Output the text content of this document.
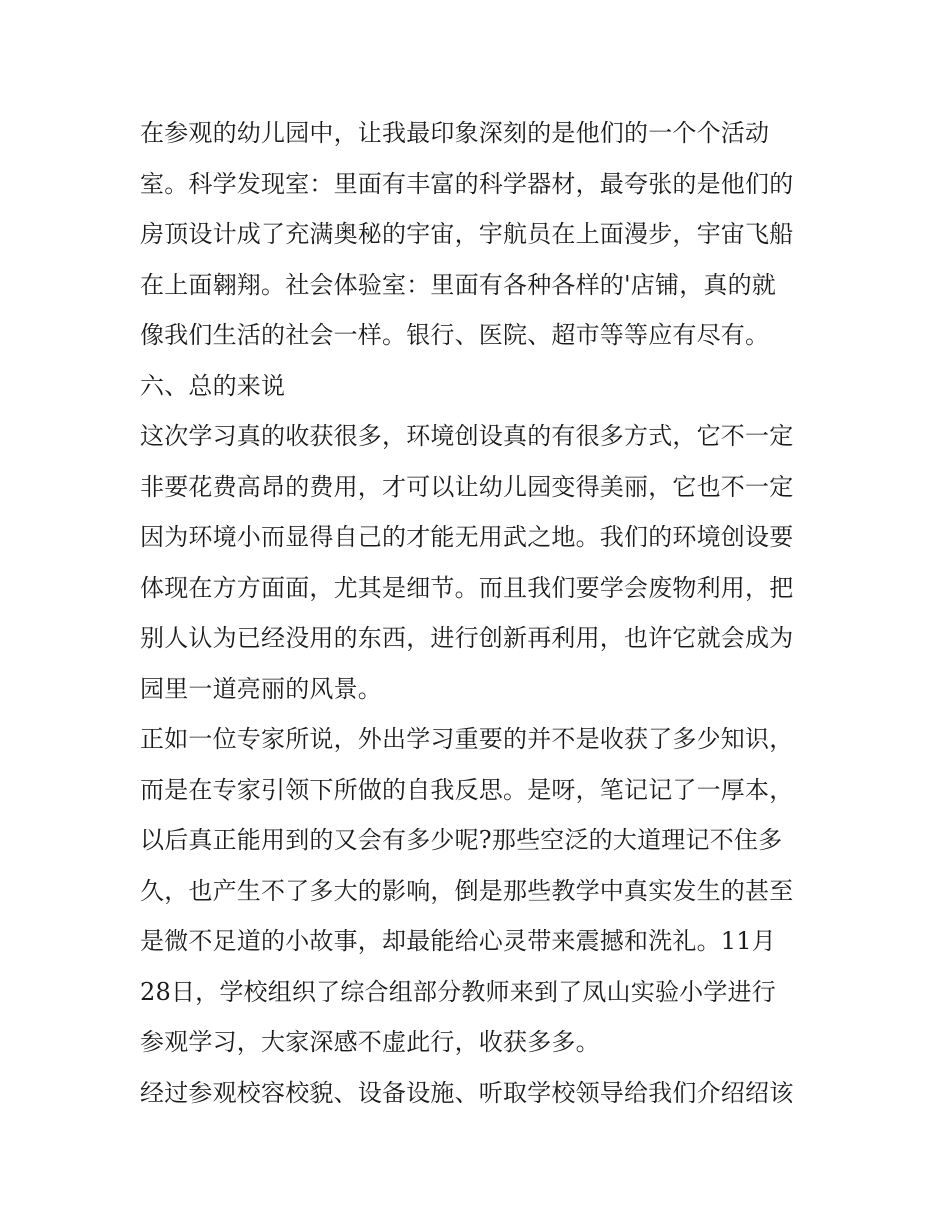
在参观的幼儿园中，让我最印象深刻的是他们的一个个活动
室。科学发现室：里面有丰富的科学器材，最夸张的是他们的
房顶设计成了充满奥秘的宇宙，宇航员在上面漫步，宇宙飞船
在上面翱翔。社会体验室：里面有各种各样的'店铺，真的就
像我们生活的社会一样。银行、医院、超市等等应有尽有。
六、总的来说
这次学习真的收获很多，环境创设真的有很多方式，它不一定
非要花费高昂的费用，才可以让幼儿园变得美丽，它也不一定
因为环境小而显得自己的才能无用武之地。我们的环境创设要
体现在方方面面，尤其是细节。而且我们要学会废物利用，把
别人认为已经没用的东西，进行创新再利用，也许它就会成为
园里一道亮丽的风景。
正如一位专家所说，外出学习重要的并不是收获了多少知识，
而是在专家引领下所做的自我反思。是呀，笔记记了一厚本，
以后真正能用到的又会有多少呢?那些空泛的大道理记不住多
久，也产生不了多大的影响，倒是那些教学中真实发生的甚至
是微不足道的小故事，却最能给心灵带来震撼和洗礼。11月
28日，学校组织了综合组部分教师来到了凤山实验小学进行
参观学习，大家深感不虚此行，收获多多。
经过参观校容校貌、设备设施、听取学校领导给我们介绍绍该
